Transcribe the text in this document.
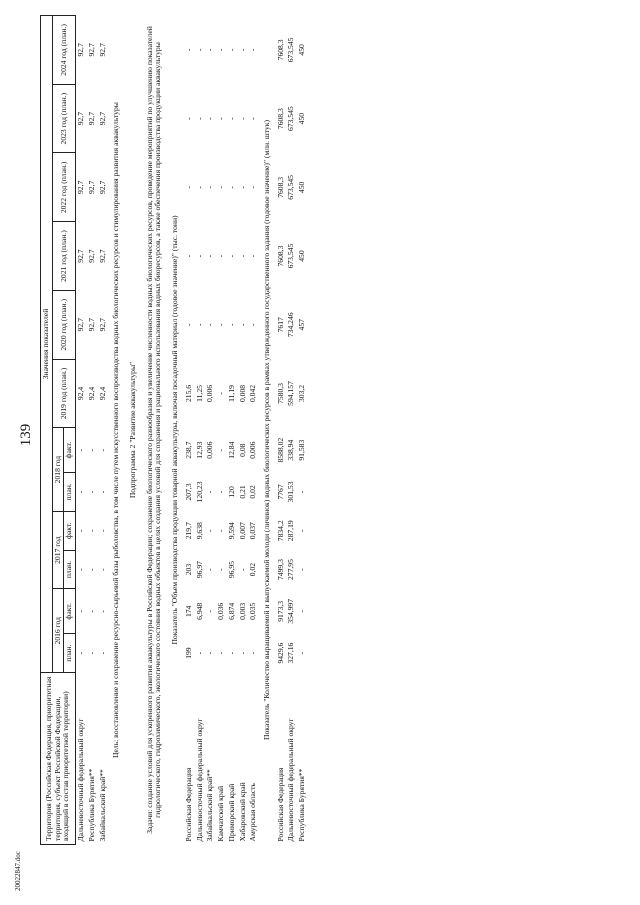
139
20022847.doc
Территория (Российская Федерация, приоритетная территория, субъект Российской Федерации, входящий в состав приоритетной территории)	Значения показателей											
	2016 год		2017 год		2018 год		2019 год (план.)	2020 год (план.)	2021 год (план.)	2022 год (план.)	2023 год (план.)	2024 год (план.)
	план.	факт.	план.	факт.	план.	факт.						
Дальневосточный федеральный округ	-	-	-	-	-	-	92,4	92,7	92,7	92,7	92,7	92,7
Республика Бурятия**	-	-	-	-	-	-	92,4	92,7	92,7	92,7	92,7	92,7
Забайкальский край**	-	-	-	-	-	-	92,4	92,7	92,7	92,7	92,7	92,7
Цель: восстановление и сохранение ресурсно-сырьевой базы рыболовства, в том числе путем искусственного воспроизводства водных биологических ресурсов и стимулирования развития аквакультуры												
Подпрограмма 2 "Развитие аквакультуры"												
Задачи: создание условий для ускоренного развития аквакультуры в Российской Федерации; сохранение биологического разнообразия и увеличение численности водных биологических ресурсов, проведение мероприятий по улучшению показателей гидрологического, гидрохимического, экологического состояния водных объектов в целях создания условий для сохранения и рационального использования водных биоресурсов, а также обеспечения производства продукции аквакультуры												
Показатель "Объем производства продукции товарной аквакультуры, включая посадочный материал (годовое значение)" (тыс. тонн)												
Российская Федерация	199	174	203	219,7	207,3	238,7	215,6	-	-	-	-	-
Дальневосточный федеральный округ	-	6,948	96,97	9,638	120,23	12,93	11,25	-	-	-	-	-
Забайкальский край**	-	-	-	-	-	0,006	0,006	-	-	-	-	-
Камчатский край	-	0,036	-	-	-	-	-	-	-	-	-	-
Приморский край	-	6,874	96,95	9,594	120	12,84	11,19	-	-	-	-	-
Хабаровский край	-	0,003	-	0,007	0,21	0,08	0,008	-	-	-	-	-
Амурская область	-	0,035	0,02	0,037	0,02	0,006	0,042	-	-	-	-	-
Показатель "Количество выращиваемой и выпускаемой молоди (личинок) водных биологических ресурсов в рамках утвержденного государственного задания (годовое значение)" (млн. штук)												
Российская Федерация	9429,6	9173,3	7499,3	7834,2	7767	8588,02	7580,3	7617	7608,3	7608,3	7608,3	7608,3
Дальневосточный федеральный округ	327,16	354,997	277,95	287,19	301,53	338,94	594,157	734,246	673,545	673,545	673,545	673,545
Республика Бурятия**	-	-	-	-	-	91,583	303,2	457	450	450	450	450
